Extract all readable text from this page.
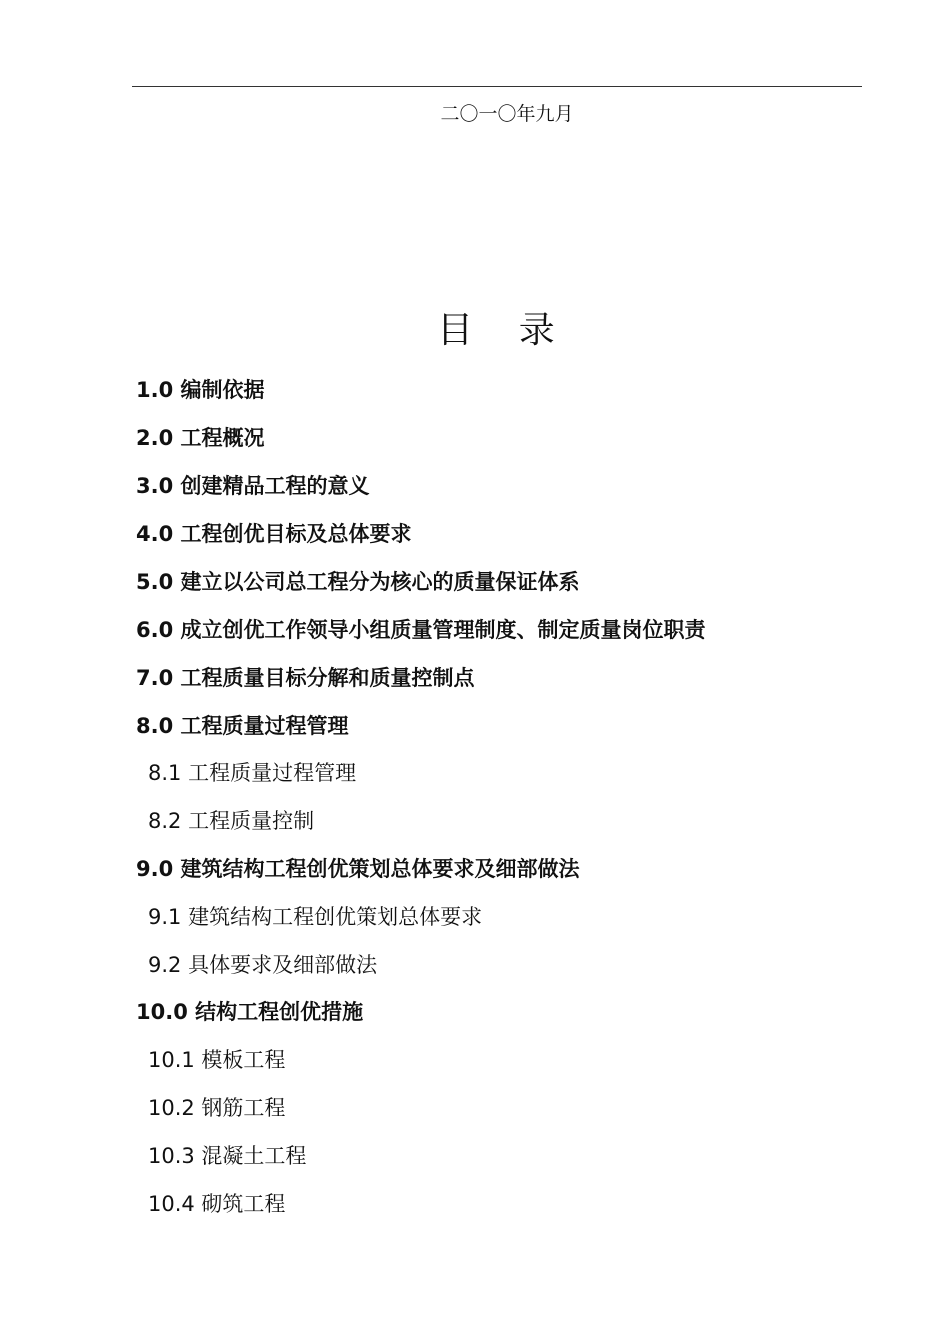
二〇一〇年九月
目    录
1.0 编制依据
2.0 工程概况
3.0 创建精品工程的意义
4.0 工程创优目标及总体要求
5.0 建立以公司总工程分为核心的质量保证体系
6.0 成立创优工作领导小组质量管理制度、制定质量岗位职责
7.0 工程质量目标分解和质量控制点
8.0 工程质量过程管理
8.1 工程质量过程管理
8.2 工程质量控制
9.0 建筑结构工程创优策划总体要求及细部做法
9.1 建筑结构工程创优策划总体要求
9.2 具体要求及细部做法
10.0 结构工程创优措施
10.1 模板工程
10.2 钢筋工程
10.3 混凝土工程
10.4 砌筑工程
